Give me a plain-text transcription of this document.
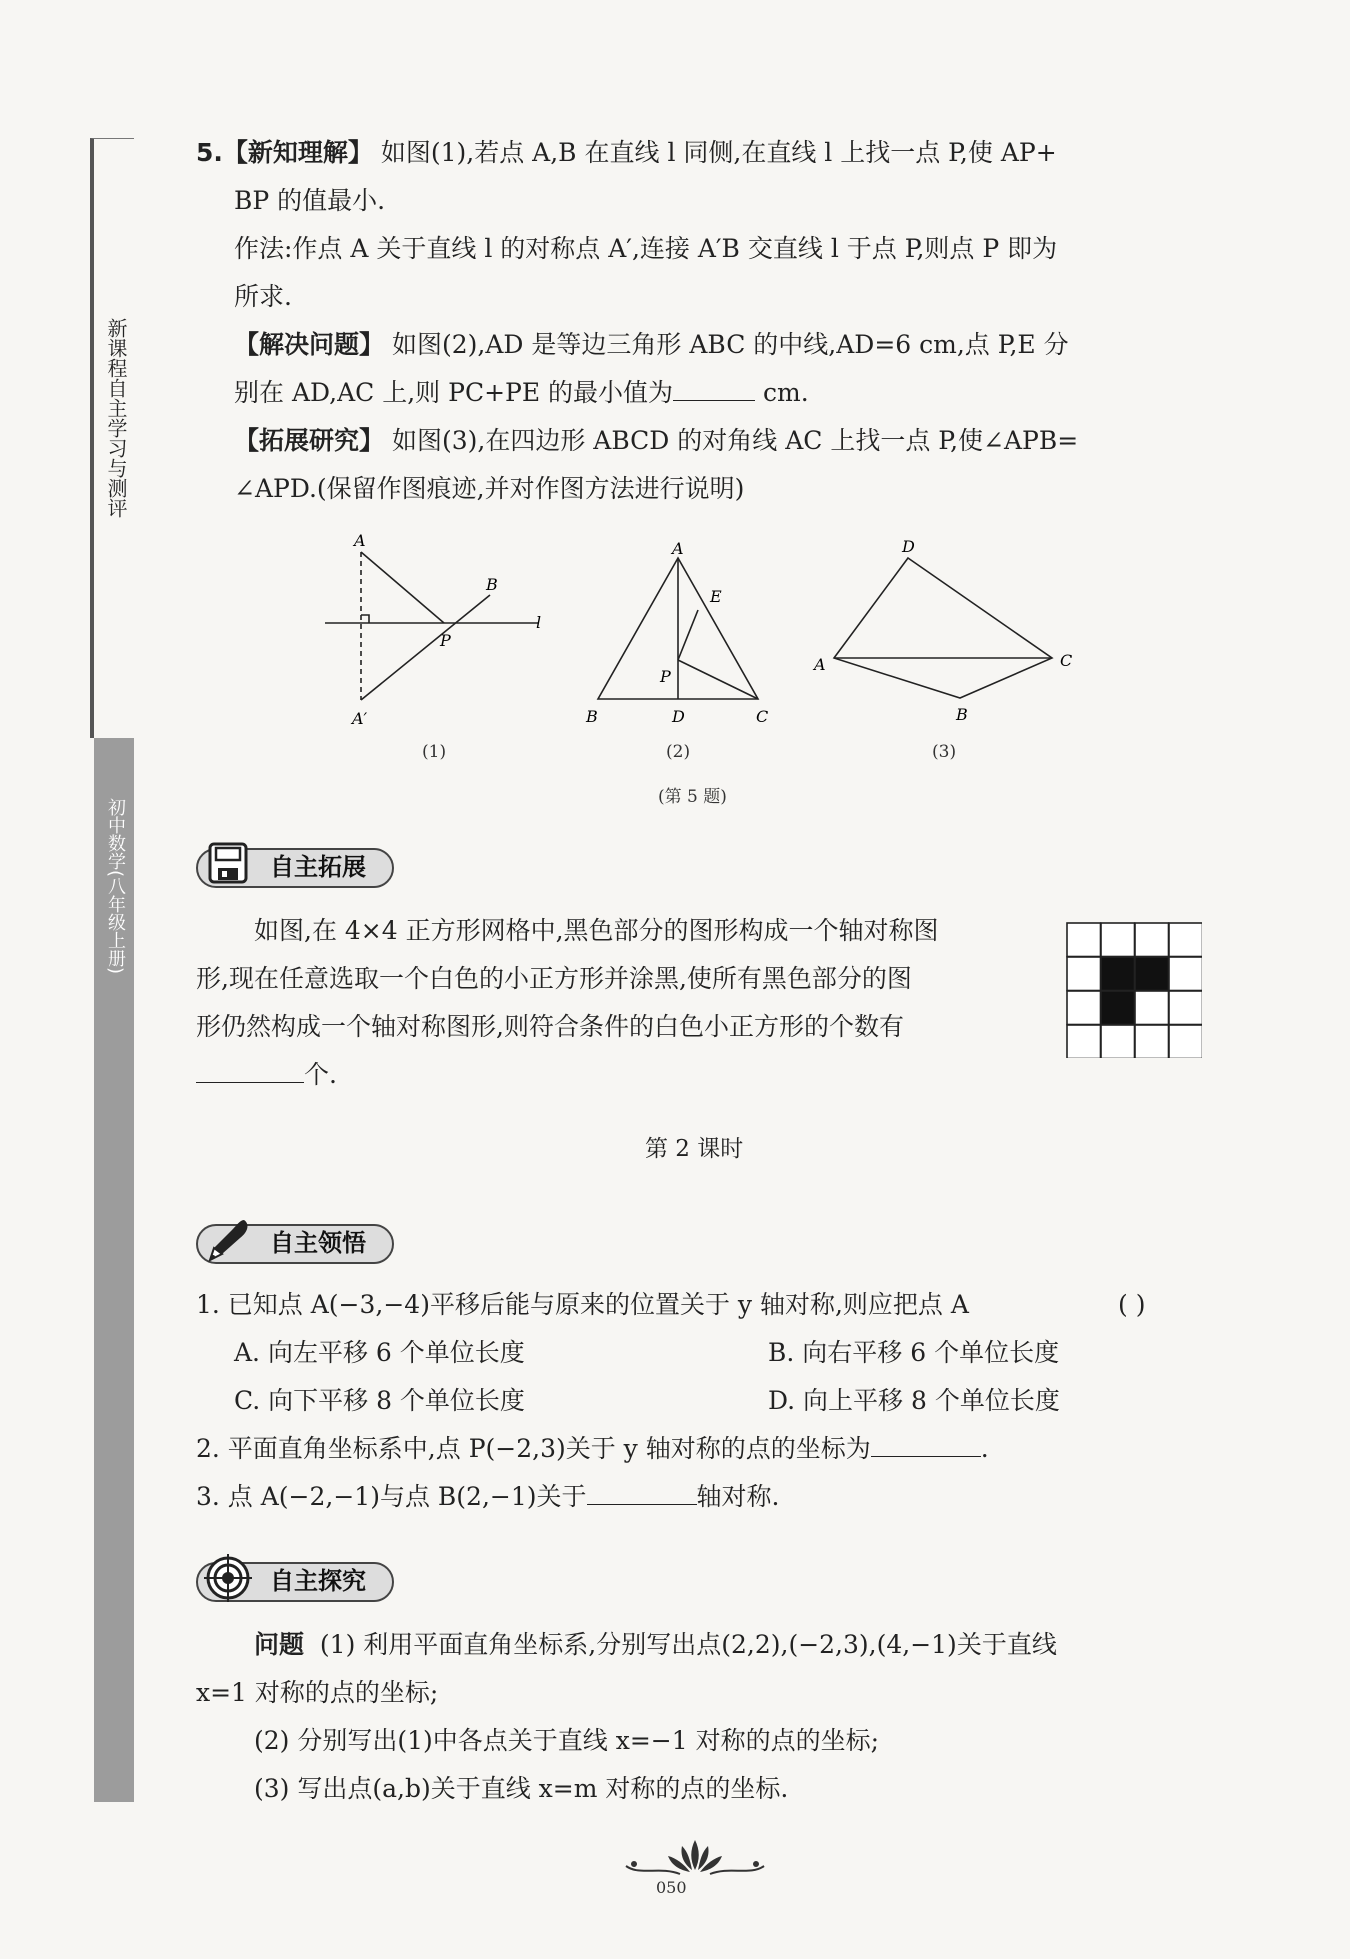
新课程自主学习与测评
初中数学(八年级上册)
5.【新知理解】 如图(1),若点 A,B 在直线 l 同侧,在直线 l 上找一点 P,使 AP+
BP 的值最小.
作法:作点 A 关于直线 l 的对称点 A′,连接 A′B 交直线 l 于点 P,则点 P 即为
所求.
【解决问题】 如图(2),AD 是等边三角形 ABC 的中线,AD=6 cm,点 P,E 分
别在 AD,AC 上,则 PC+PE 的最小值为	cm.
【拓展研究】 如图(3),在四边形 ABCD 的对角线 AC 上找一点 P,使∠APB=
∠APD.(保留作图痕迹,并对作图方法进行说明)
A
B
P
l
A′
(1)
A
E
P
B	D	C
(2)
D
A	C
B
(3)
(第 5 题)
自主拓展
如图,在 4×4 正方形网格中,黑色部分的图形构成一个轴对称图
形,现在任意选取一个白色的小正方形并涂黑,使所有黑色部分的图
形仍然构成一个轴对称图形,则符合条件的白色小正方形的个数有
个.
第 2 课时
自主领悟
1. 已知点 A(−3,−4)平移后能与原来的位置关于 y 轴对称,则应把点 A	( )
A. 向左平移 6 个单位长度	B. 向右平移 6 个单位长度
C. 向下平移 8 个单位长度	D. 向上平移 8 个单位长度
2. 平面直角坐标系中,点 P(−2,3)关于 y 轴对称的点的坐标为	.
3. 点 A(−2,−1)与点 B(2,−1)关于	轴对称.
自主探究
问题 (1) 利用平面直角坐标系,分别写出点(2,2),(−2,3),(4,−1)关于直线
x=1 对称的点的坐标;
(2) 分别写出(1)中各点关于直线 x=−1 对称的点的坐标;
(3) 写出点(a,b)关于直线 x=m 对称的点的坐标.
050
